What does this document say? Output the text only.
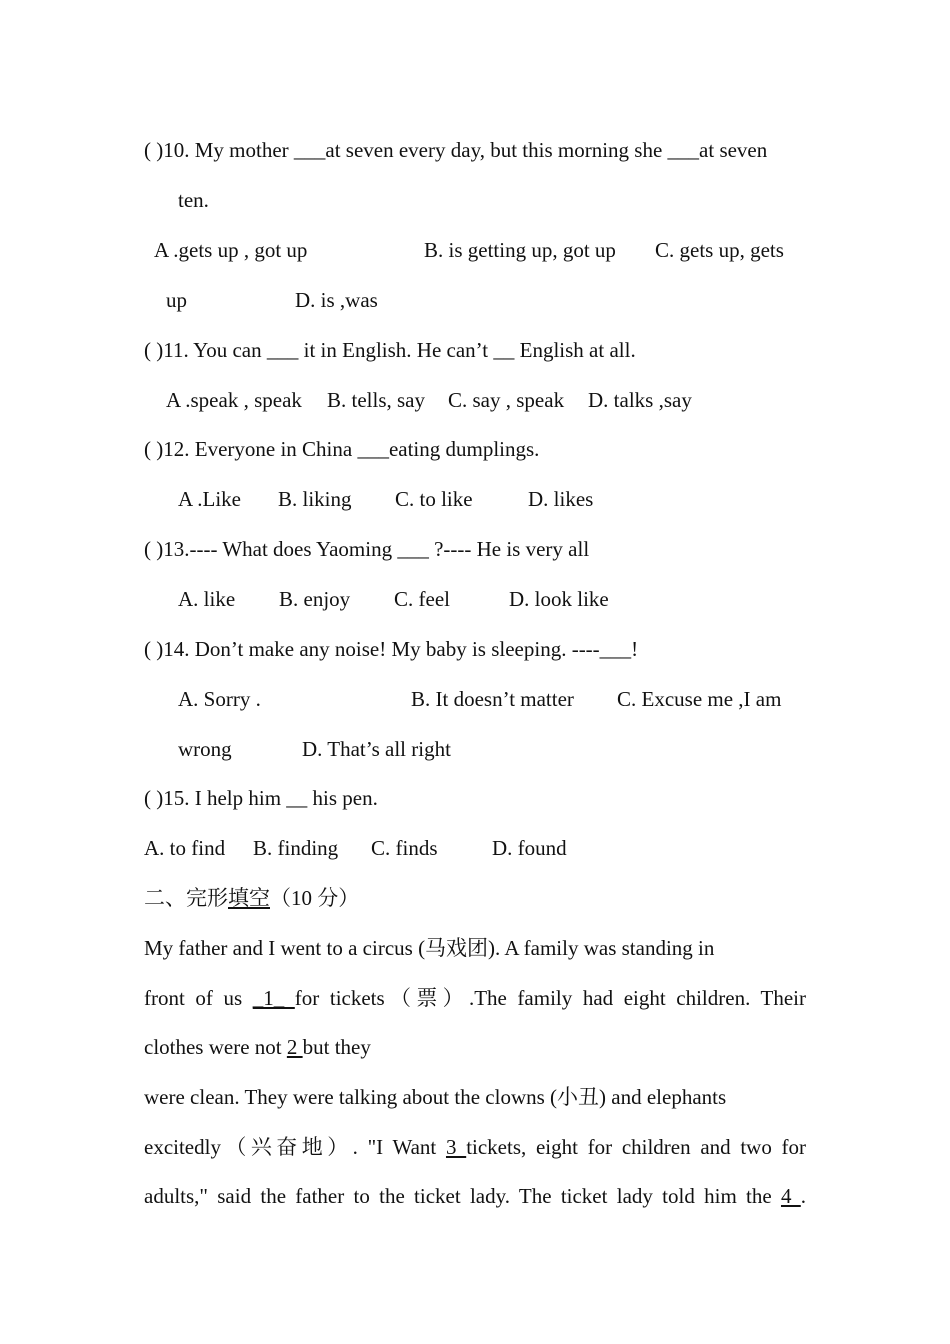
( )10. My mother ___at seven every day, but this morning she ___at seven
ten.
A .gets up , got up	B. is getting up, got up C. gets up, gets
up	D. is ,was
( )11. You can ___ it in English. He can’t __ English at all.
A .speak , speak B. tells, say C. say , speak D. talks ,say
( )12. Everyone in China ___eating dumplings.
A .Like B. liking C. to like	D. likes
( )13.---- What does Yaoming ___ ?---- He is very all
A. like B. enjoy C. feel	D. look like
( )14. Don’t make any noise! My baby is sleeping. ----___!
A. Sorry .	B. It doesn’t matter C. Excuse me ,I am
wrong	D. That’s all right
( )15. I help him __ his pen.
A. to find B. finding C. finds	D. found
二、完形填空（10 分）
My father and I went to a circus (马戏团). A family was standing in
front of us _1_ for tickets（票）.The family had eight children. Their
clothes were not 2 but they
were clean. They were talking about the clowns (小丑) and elephants
excitedly（兴奋地）. "I Want 3 tickets, eight for children and two for
adults," said the father to the ticket lady. The ticket lady told him the 4 .
